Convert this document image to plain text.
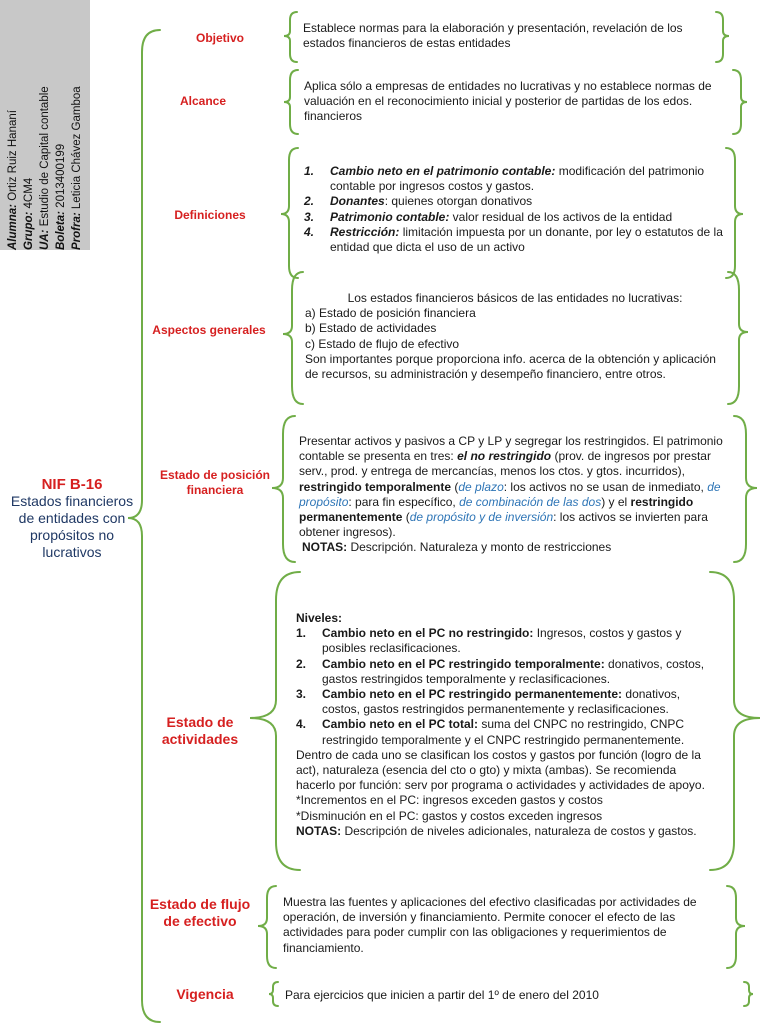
Alumna: Ortiz Ruiz Hananí
Grupo: 4CM4
UA: Estudio de Capital contable
Boleta: 2013400199
Profra: Leticia Chávez Gamboa
NIF B-16
Estados financieros de entidades con propósitos no lucrativos
Objetivo

Establece normas para la elaboración y presentación, revelación de los estados financieros de estas entidades

Alcance

Aplica sólo a empresas de entidades no lucrativas y no establece normas de valuación en el reconocimiento inicial y posterior de partidas de los edos. financieros

Definiciones
1. Cambio neto en el patrimonio contable: modificación del patrimonio contable por ingresos costos y gastos.
2. Donantes: quienes otorgan donativos
3. Patrimonio contable: valor residual de los activos de la entidad
4. Restricción: limitación impuesta por un donante, por ley o estatutos de la entidad que dicta el uso de un activo
Aspectos generales

Los estados financieros básicos de las entidades no lucrativas:

a) Estado de posición financiera

b) Estado de actividades

c) Estado de flujo de efectivo

Son importantes porque proporciona info. acerca de la obtención y aplicación de recursos, su administración y desempeño financiero, entre otros.

Estado de posición financiera

Presentar activos y pasivos a CP y LP y segregar los restringidos. El patrimonio contable se presenta en tres: el no restringido (prov. de ingresos por prestar serv., prod. y entrega de mercancías, menos los ctos. y gtos. incurridos), restringido temporalmente (de plazo: los activos no se usan de inmediato, de propósito: para fin específico, de combinación de las dos) y el restringido permanentemente (de propósito y de inversión: los activos se invierten para obtener ingresos).

NOTAS: Descripción. Naturaleza y monto de restricciones

Estado de actividades

Niveles:

1. Cambio neto en el PC no restringido: Ingresos, costos y gastos y posibles reclasificaciones.
2. Cambio neto en el PC restringido temporalmente: donativos, costos, gastos restringidos temporalmente y reclasificaciones.
3. Cambio neto en el PC restringido permanentemente: donativos, costos, gastos restringidos permanentemente y reclasificaciones.
4. Cambio neto en el PC total: suma del CNPC no restringido, CNPC restringido temporalmente y el CNPC restringido permanentemente.

Dentro de cada uno se clasifican los costos y gastos por función (logro de la act), naturaleza (esencia del cto o gto) y mixta (ambas). Se recomienda hacerlo por función: serv por programa o actividades y actividades de apoyo.

*Incrementos en el PC: ingresos exceden gastos y costos

*Disminución en el PC: gastos y costos exceden ingresos

NOTAS: Descripción de niveles adicionales, naturaleza de costos y gastos.

Estado de flujo de efectivo

Muestra las fuentes y aplicaciones del efectivo clasificadas por actividades de operación, de inversión y financiamiento. Permite conocer el efecto de las actividades para poder cumplir con las obligaciones y requerimientos de financiamiento.

Vigencia	Para ejercicios que inicien a partir del 1º de enero del 2010
